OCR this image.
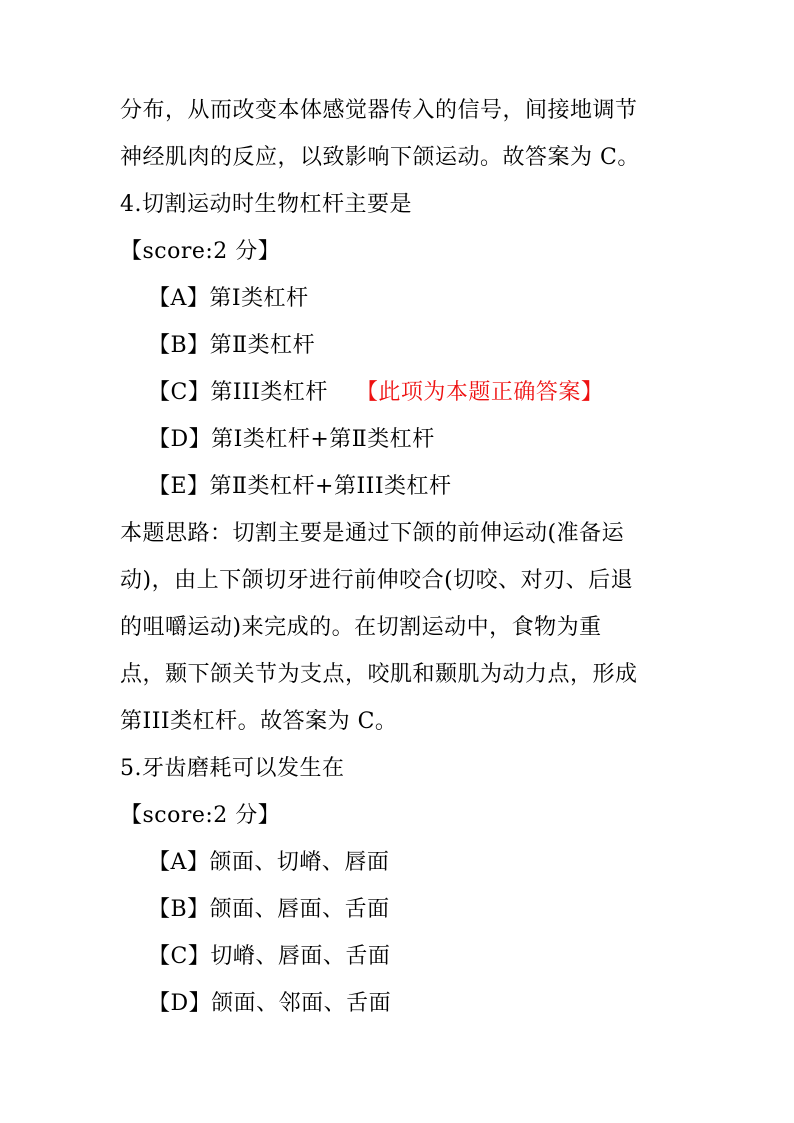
分布，从而改变本体感觉器传入的信号，间接地调节
神经肌肉的反应，以致影响下颌运动。故答案为 C。
4.切割运动时生物杠杆主要是
【score:2 分】
【A】第Ⅰ类杠杆
【B】第Ⅱ类杠杆
【C】第III类杠杆 【此项为本题正确答案】
【D】第Ⅰ类杠杆+第Ⅱ类杠杆
【E】第Ⅱ类杠杆+第III类杠杆
本题思路：切割主要是通过下颌的前伸运动(准备运
动)，由上下颌切牙进行前伸咬合(切咬、对刃、后退
的咀嚼运动)来完成的。在切割运动中，食物为重
点，颞下颌关节为支点，咬肌和颞肌为动力点，形成
第III类杠杆。故答案为 C。
5.牙齿磨耗可以发生在
【score:2 分】
【A】颌面、切嵴、唇面
【B】颌面、唇面、舌面
【C】切嵴、唇面、舌面
【D】颌面、邻面、舌面
